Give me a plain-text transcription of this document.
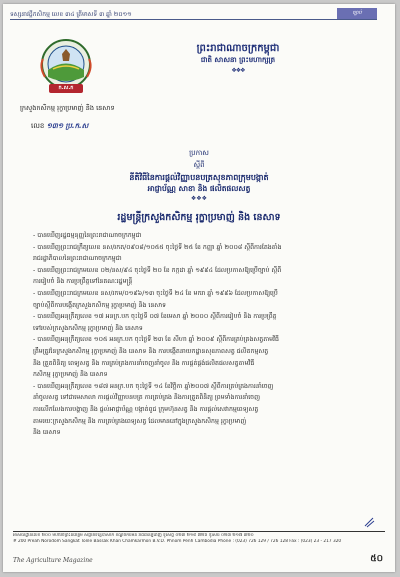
ទស្សនាវដ្តីកសិកម្ម លេខ ៣៤ ត្រីមាសទី ៣ ឆ្នាំ ២០១១	ច្បាប់
ក.ស.ក
ក្រសួងកសិកម្ម រុក្ខាប្រមាញ់ និង នេសាទ
លេខ ១៣១ ប្រ.ក.ស
ព្រះរាជាណាចក្រកម្ពុជា
ជាតិ សាសនា ព្រះមហាក្សត្រ
❖❖❖
ប្រកាស
ស្តីពី
នីតិវិធីនៃការផ្តល់វិញ្ញាបនបត្រសុខភាពក្រុមបង្កាត់
អាជ្ញាប័ណ្ណ សាខា និង ផលិតផលសត្វ
❖❖❖
រដ្ឋមន្ត្រីក្រសួងកសិកម្ម រុក្ខាប្រមាញ់ និង នេសាទ
- បានឃើញរដ្ឋធម្មនុញ្ញនៃព្រះរាជាណាចក្រកម្ពុជា
- បានឃើញព្រះរាជក្រឹត្យលេខ នស/រកត/០៩០៨/១០៥៥ ចុះថ្ងៃទី ២៥ ខែ កញ្ញា ឆ្នាំ ២០០៨ ស្តីពីការតែងតាំង
រាជរដ្ឋាភិបាលនៃព្រះរាជាណាចក្រកម្ពុជា
- បានឃើញព្រះរាជក្រមលេខ ០២/នស/៩៤ ចុះថ្ងៃទី ២០ ខែ កក្កដា ឆ្នាំ ១៩៩៤ ដែលប្រកាសឱ្យប្រើច្បាប់ ស្តីពី
ការរៀបចំ និង ការប្រព្រឹត្តទៅនៃគណៈរដ្ឋមន្ត្រី
- បានឃើញព្រះរាជក្រមលេខ នស/រកម/០១៩៦/១៣ ចុះថ្ងៃទី ២៤ ខែ មករា ឆ្នាំ ១៩៩៦ ដែលប្រកាសឱ្យប្រើ
ច្បាប់ស្តីពីការបង្កើតក្រសួងកសិកម្ម រុក្ខាប្រមាញ់ និង នេសាទ
- បានឃើញអនុក្រឹត្យលេខ ១៧ អនក្រ.បក ចុះថ្ងៃទី ០៧ ខែមេសា ឆ្នាំ ២០០០ ស្តីពីការរៀបចំ និង ការប្រព្រឹត្ត
ទៅរបស់ក្រសួងកសិកម្ម រុក្ខាប្រមាញ់ និង នេសាទ
- បានឃើញអនុក្រឹត្យលេខ ១០៥ អនក្រ.បក ចុះថ្ងៃទី ២៣ ខែ សីហា ឆ្នាំ ២០០៩ ស្តីពីការគ្រប់គ្រងសត្វតាមវិធី
ត្រឹមត្រូវនៃក្រសួងកសិកម្ម រុក្ខាប្រមាញ់ និង នេសាទ និង ការបង្កើតនាយកដ្ឋានសុខភាពសត្វ ផលិតកម្មសត្វ
និង ត្រួតពិនិត្យ ពេទ្យសត្វ និង ការគ្រប់គ្រងការនាំចេញនាំចូល និង ការផ្គត់ផ្គង់ផលិតផលសត្វតាមវិធី
កសិកម្ម រុក្ខាប្រមាញ់ និង នេសាទ
- បានឃើញអនុក្រឹត្យលេខ ១៨៧ អនក្រ.បក ចុះថ្ងៃទី ១៤ ខែវិច្ឆិកា ឆ្នាំ២០០៧ ស្តីពីការគ្រប់គ្រងការនាំចេញ
នាំចូលសត្វ ទៅជាមេសាលា ការផ្តល់វិញ្ញាបនបត្រ ការគ្រប់គ្រង និងការត្រួតពិនិត្យ ព្រមទាំងការនាំចេញ
ការលើកលែងការបង្ហាញ និង ផ្តល់អាជ្ញាប័ណ្ណ បង្កាត់ពូជ ក្រុមហ៊ុនសត្វ និង ការផ្តល់សេវាកម្មពេទ្យសត្វ
តាមរយៈក្រសួងកសិកម្ម និង ការគ្រប់គ្រងពេទ្យសត្វ ដែលមាននៅក្នុងក្រសួងកសិកម្ម រុក្ខាប្រមាញ់
និង នេសាទ
អាសយដ្ឋានលេខ ២០០ មហាវិថីព្រះនរោត្តម សង្កាត់ទន្លេបាសាក់ ខណ្ឌចំការមន រាជធានីភ្នំពេញ ទូរស័ព្ទ ០២៣ ២១៨ ៧២៦ ទូរសារ ០២៣ ២១៧ ៣២០
# 200 Preah Norodom Sangkat Tonle Bassak Khan Chamkarmon B.V.D. Phnom Penh Cambodia Phone : (023) 726 129 / 726 128 Fax : (023) 23 - 217 320
The Agriculture Magazine	៥០
